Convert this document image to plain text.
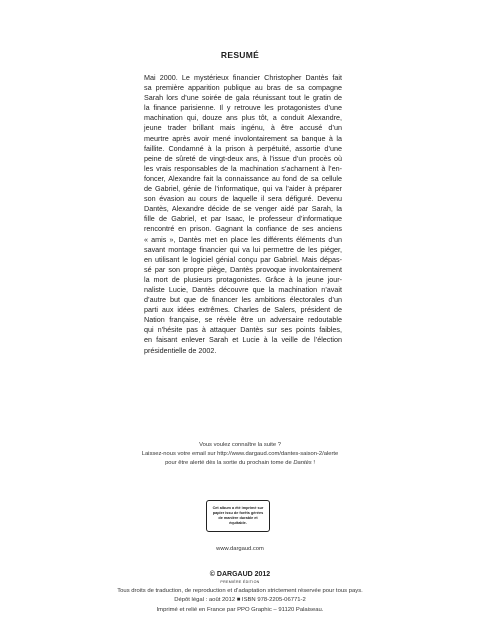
RESUMÉ
Mai 2000. Le mystérieux financier Christopher Dantès fait
sa première apparition publique au bras de sa compagne
Sarah lors d’une soirée de gala réunissant tout le gratin de
la finance parisienne. Il y retrouve les protagonistes d’une
machination qui, douze ans plus tôt, a conduit Alexandre,
jeune trader brillant mais ingénu, à être accusé d’un
meurtre après avoir mené involontairement sa banque à la
faillite. Condamné à la prison à perpétuité, assortie d’une
peine de sûreté de vingt-deux ans, à l’issue d’un procès où
les vrais responsables de la machination s’acharnent à l’en-
foncer, Alexandre fait la connaissance au fond de sa cellule
de Gabriel, génie de l’informatique, qui va l’aider à préparer
son évasion au cours de laquelle il sera défiguré. Devenu
Dantès, Alexandre décide de se venger aidé par Sarah, la
fille de Gabriel, et par Isaac, le professeur d’informatique
rencontré en prison. Gagnant la confiance de ses anciens
« amis », Dantès met en place les différents éléments d’un
savant montage financier qui va lui permettre de les piéger,
en utilisant le logiciel génial conçu par Gabriel. Mais dépas-
sé par son propre piège, Dantès provoque involontairement
la mort de plusieurs protagonistes. Grâce à la jeune jour-
naliste Lucie, Dantès découvre que la machination n’avait
d’autre but que de financer les ambitions électorales d’un
parti aux idées extrêmes. Charles de Salers, président de
Nation française, se révèle être un adversaire redoutable
qui n’hésite pas à attaquer Dantès sur ses points faibles,
en faisant enlever Sarah et Lucie à la veille de l’élection
présidentielle de 2002.
Vous voulez connaître la suite ?
Laissez-nous votre email sur http://www.dargaud.com/dantes-saison-2/alerte
pour être alerté dès la sortie du prochain tome de Dantès !
Cet album a été imprimé sur papier issu de forêts gérées de manière durable et équitable.
www.dargaud.com
© DARGAUD 2012
PREMIÈRE ÉDITION
Tous droits de traduction, de reproduction et d’adaptation strictement réservée pour tous pays.
Dépôt légal : août 2012 ■ ISBN 978-2205-06771-2
Imprimé et relié en France par PPO Graphic – 91120 Palaiseau.
